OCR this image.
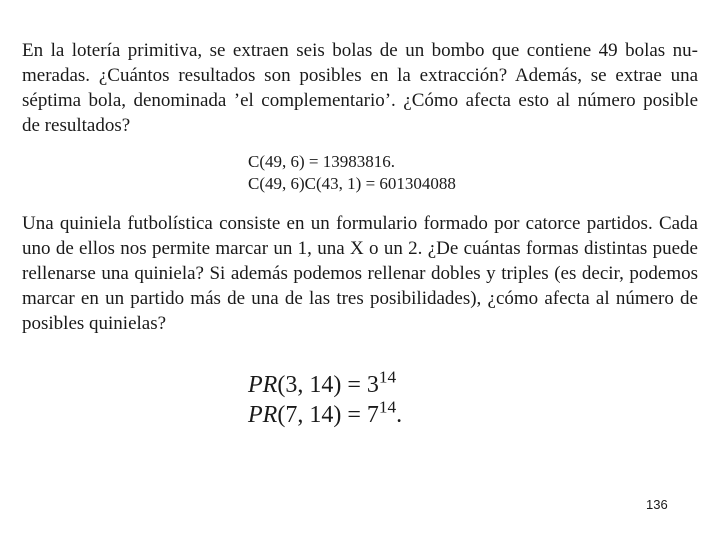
En la lotería primitiva, se extraen seis bolas de un bombo que contiene 49 bolas nu-
meradas. ¿Cuántos resultados son posibles en la extracción? Además, se extrae una
séptima bola, denominada ’el complementario’. ¿Cómo afecta esto al número posible
de resultados?
C(49, 6) = 13983816.
C(49, 6)C(43, 1) = 601304088
Una quiniela futbolística consiste en un formulario formado por catorce partidos. Cada
uno de ellos nos permite marcar un 1, una X o un 2. ¿De cuántas formas distintas puede
rellenarse una quiniela? Si además podemos rellenar dobles y triples (es decir, podemos
marcar en un partido más de una de las tres posibilidades), ¿cómo afecta al número de
posibles quinielas?
PR(3, $14) = 3^{14}$
PR(7, $14) = 7^{14}$.
136
